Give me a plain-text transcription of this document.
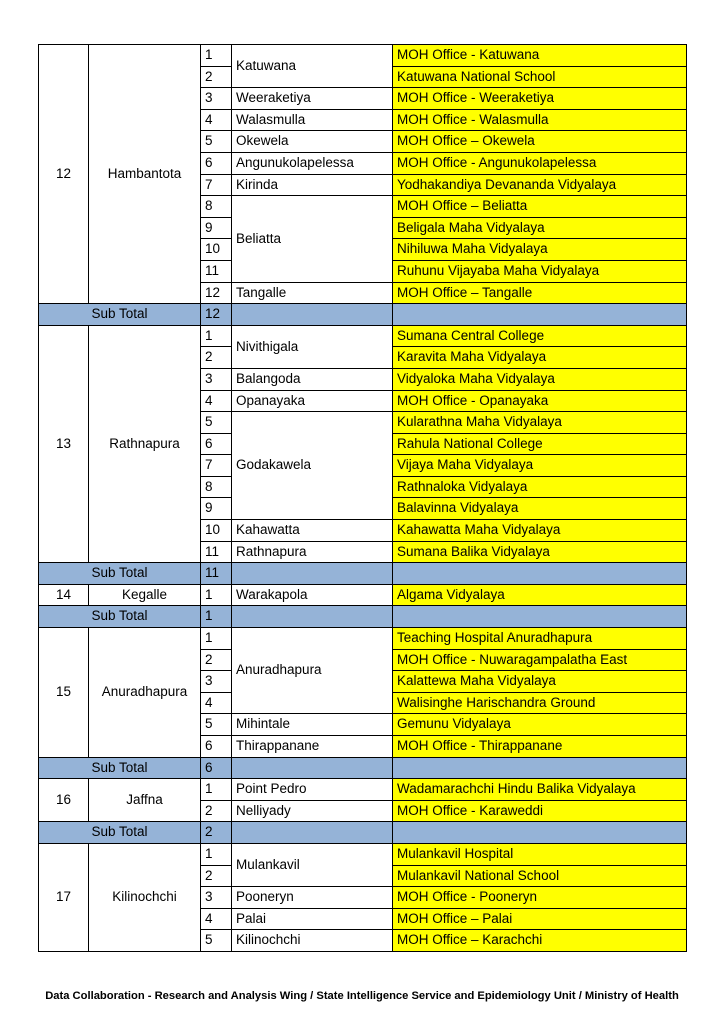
12	Hambantota	1	Katuwana	MOH Office - Katuwana
		2		Katuwana National School
		3	Weeraketiya	MOH Office - Weeraketiya
		4	Walasmulla	MOH Office - Walasmulla
		5	Okewela	MOH Office – Okewela
		6	Angunukolapelessa	MOH Office - Angunukolapelessa
		7	Kirinda	Yodhakandiya Devananda Vidyalaya
		8	Beliatta	MOH Office – Beliatta
		9		Beligala Maha Vidyalaya
		10		Nihiluwa Maha Vidyalaya
		11		Ruhunu Vijayaba Maha Vidyalaya
		12	Tangalle	MOH Office – Tangalle
Sub Total		12		
13	Rathnapura	1	Nivithigala	Sumana Central College
		2		Karavita Maha Vidyalaya
		3	Balangoda	Vidyaloka Maha Vidyalaya
		4	Opanayaka	MOH Office - Opanayaka
		5	Godakawela	Kularathna Maha Vidyalaya
		6		Rahula National College
		7		Vijaya Maha Vidyalaya
		8		Rathnaloka Vidyalaya
		9		Balavinna Vidyalaya
		10	Kahawatta	Kahawatta Maha Vidyalaya
		11	Rathnapura	Sumana Balika Vidyalaya
Sub Total		11		
14	Kegalle	1	Warakapola	Algama Vidyalaya
Sub Total		1		
15	Anuradhapura	1	Anuradhapura	Teaching Hospital Anuradhapura
		2		MOH Office - Nuwaragampalatha East
		3		Kalattewa Maha Vidyalaya
		4		Walisinghe Harischandra Ground
		5	Mihintale	Gemunu Vidyalaya
		6	Thirappanane	MOH Office - Thirappanane
Sub Total		6		
16	Jaffna	1	Point Pedro	Wadamarachchi Hindu Balika Vidyalaya
		2	Nelliyady	MOH Office - Karaweddi
Sub Total		2		
17	Kilinochchi	1	Mulankavil	Mulankavil Hospital
		2		Mulankavil National School
		3	Pooneryn	MOH Office - Pooneryn
		4	Palai	MOH Office – Palai
		5	Kilinochchi	MOH Office – Karachchi
Data Collaboration - Research and Analysis Wing / State Intelligence Service and Epidemiology Unit / Ministry of Health
